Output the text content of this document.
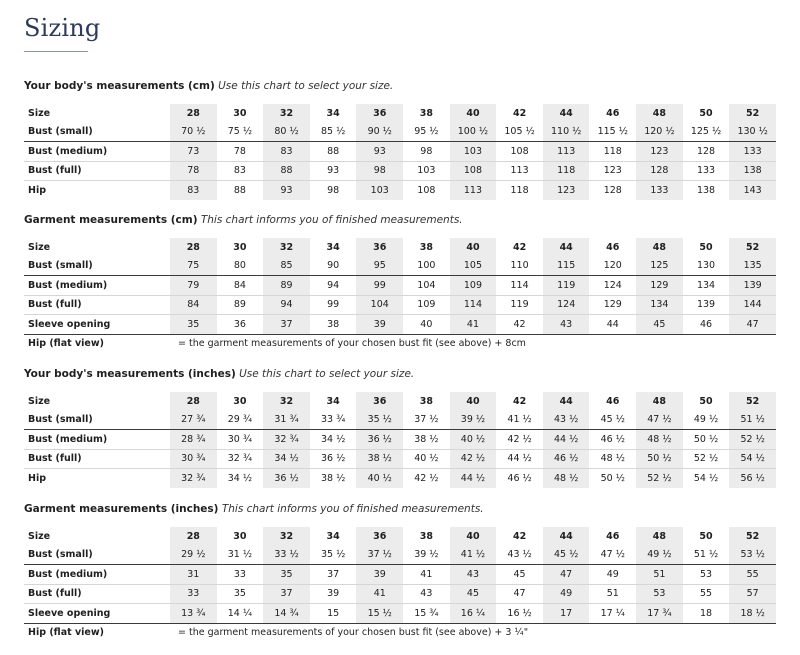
Sizing
Your body's measurements (cm) Use this chart to select your size.
Size	28	30	32	34	36	38	40	42	44	46	48	50	52
Bust (small)	70 ½	75 ½	80 ½	85 ½	90 ½	95 ½	100 ½	105 ½	110 ½	115 ½	120 ½	125 ½	130 ½
Bust (medium)	73	78	83	88	93	98	103	108	113	118	123	128	133
Bust (full)	78	83	88	93	98	103	108	113	118	123	128	133	138
Hip	83	88	93	98	103	108	113	118	123	128	133	138	143
Garment measurements (cm) This chart informs you of finished measurements.
Size	28	30	32	34	36	38	40	42	44	46	48	50	52
Bust (small)	75	80	85	90	95	100	105	110	115	120	125	130	135
Bust (medium)	79	84	89	94	99	104	109	114	119	124	129	134	139
Bust (full)	84	89	94	99	104	109	114	119	124	129	134	139	144
Sleeve opening	35	36	37	38	39	40	41	42	43	44	45	46	47
Hip (flat view)	= the garment measurements of your chosen bust fit (see above) + 8cm												
Your body's measurements (inches) Use this chart to select your size.
Size	28	30	32	34	36	38	40	42	44	46	48	50	52
Bust (small)	27 ¾	29 ¾	31 ¾	33 ¾	35 ½	37 ½	39 ½	41 ½	43 ½	45 ½	47 ½	49 ½	51 ½
Bust (medium)	28 ¾	30 ¾	32 ¾	34 ½	36 ½	38 ½	40 ½	42 ½	44 ½	46 ½	48 ½	50 ½	52 ½
Bust (full)	30 ¾	32 ¾	34 ½	36 ½	38 ½	40 ½	42 ½	44 ½	46 ½	48 ½	50 ½	52 ½	54 ½
Hip	32 ¾	34 ½	36 ½	38 ½	40 ½	42 ½	44 ½	46 ½	48 ½	50 ½	52 ½	54 ½	56 ½
Garment measurements (inches) This chart informs you of finished measurements.
Size	28	30	32	34	36	38	40	42	44	46	48	50	52
Bust (small)	29 ½	31 ½	33 ½	35 ½	37 ½	39 ½	41 ½	43 ½	45 ½	47 ½	49 ½	51 ½	53 ½
Bust (medium)	31	33	35	37	39	41	43	45	47	49	51	53	55
Bust (full)	33	35	37	39	41	43	45	47	49	51	53	55	57
Sleeve opening	13 ¾	14 ¼	14 ¾	15	15 ½	15 ¾	16 ¼	16 ½	17	17 ¼	17 ¾	18	18 ½
Hip (flat view)	= the garment measurements of your chosen bust fit (see above) + 3 ¼"												
